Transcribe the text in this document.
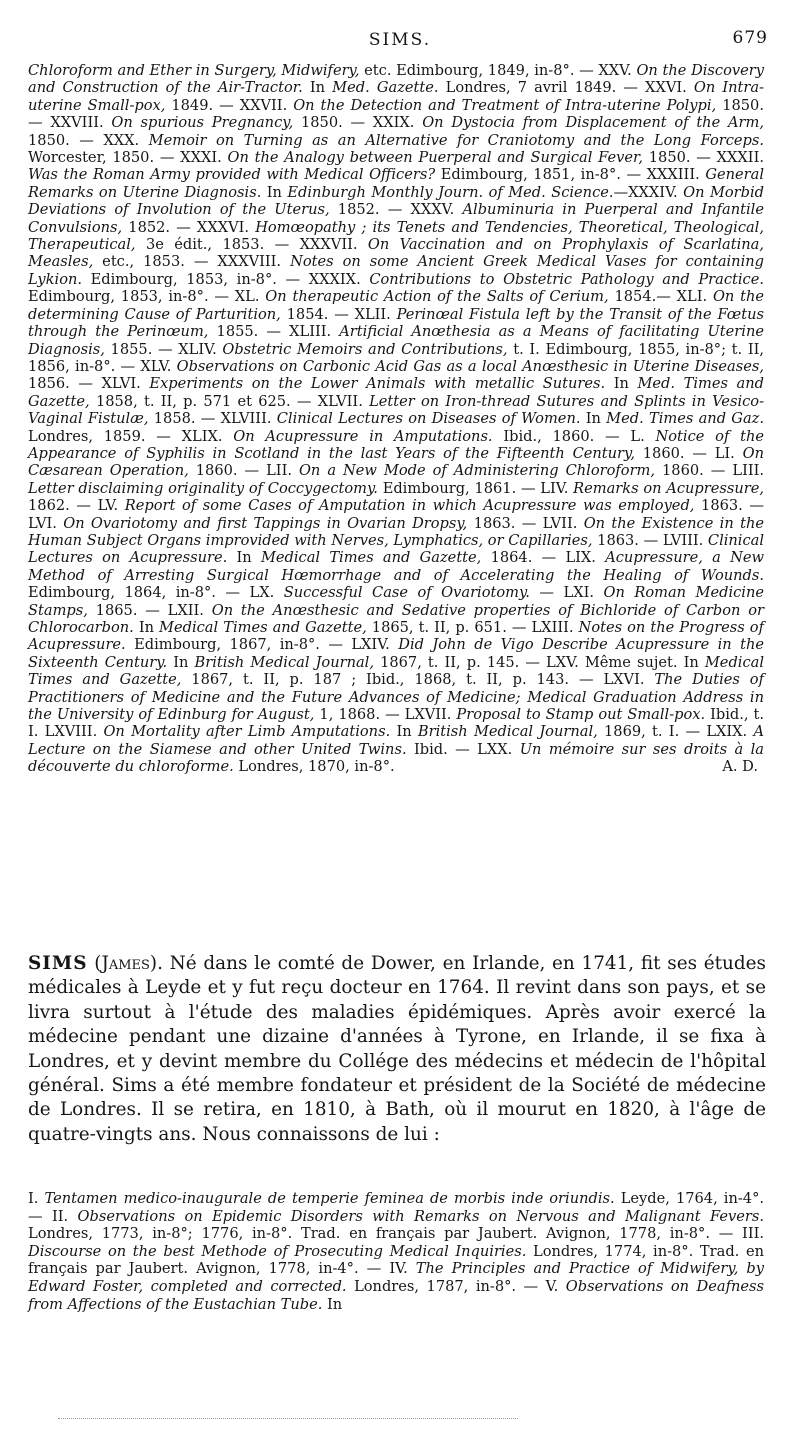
SIMS.	679

Chloroform and Ether in Surgery, Midwifery, etc. Edimbourg, 1849, in-8°. — XXV. On the Discovery and Construction of the Air-Tractor. In Med. Gazette. Londres, 7 avril 1849. — XXVI. On Intra-uterine Small-pox, 1849. — XXVII. On the Detection and Treatment of Intra-uterine Polypi, 1850. — XXVIII. On spurious Pregnancy, 1850. — XXIX. On Dystocia from Displacement of the Arm, 1850. — XXX. Memoir on Turning as an Alternative for Craniotomy and the Long Forceps. Worcester, 1850. — XXXI. On the Analogy between Puerperal and Surgical Fever, 1850. — XXXII. Was the Roman Army provided with Medical Officers? Edimbourg, 1851, in-8°. — XXXIII. General Remarks on Uterine Diagnosis. In Edinburgh Monthly Journ. of Med. Science.—XXXIV. On Morbid Deviations of Involution of the Uterus, 1852. — XXXV. Albuminuria in Puerperal and Infantile Convulsions, 1852. — XXXVI. Homœopathy ; its Tenets and Tendencies, Theoretical, Theological, Therapeutical, 3e édit., 1853. — XXXVII. On Vaccination and on Prophylaxis of Scarlatina, Measles, etc., 1853. — XXXVIII. Notes on some Ancient Greek Medical Vases for containing Lykion. Edimbourg, 1853, in-8°. — XXXIX. Contributions to Obstetric Pathology and Practice. Edimbourg, 1853, in-8°. — XL. On therapeutic Action of the Salts of Cerium, 1854.— XLI. On the determining Cause of Parturition, 1854. — XLII. Perinœal Fistula left by the Transit of the Fœtus through the Perinœum, 1855. — XLIII. Artificial Anœthesia as a Means of facilitating Uterine Diagnosis, 1855. — XLIV. Obstetric Memoirs and Contributions, t. I. Edimbourg, 1855, in-8°; t. II, 1856, in-8°. — XLV. Observations on Carbonic Acid Gas as a local Anœsthesic in Uterine Diseases, 1856. — XLVI. Experiments on the Lower Animals with metallic Sutures. In Med. Times and Gazette, 1858, t. II, p. 571 et 625. — XLVII. Letter on Iron-thread Sutures and Splints in Vesico-Vaginal Fistulæ, 1858. — XLVIII. Clinical Lectures on Diseases of Women. In Med. Times and Gaz. Londres, 1859. — XLIX. On Acupressure in Amputations. Ibid., 1860. — L. Notice of the Appearance of Syphilis in Scotland in the last Years of the Fifteenth Century, 1860. — LI. On Cæsarean Operation, 1860. — LII. On a New Mode of Administering Chloroform, 1860. — LIII. Letter disclaiming originality of Coccygectomy. Edimbourg, 1861. — LIV. Remarks on Acupressure, 1862. — LV. Report of some Cases of Amputation in which Acupressure was employed, 1863. — LVI. On Ovariotomy and first Tappings in Ovarian Dropsy, 1863. — LVII. On the Existence in the Human Subject Organs improvided with Nerves, Lymphatics, or Capillaries, 1863. — LVIII. Clinical Lectures on Acupressure. In Medical Times and Gazette, 1864. — LIX. Acupressure, a New Method of Arresting Surgical Hœmorrhage and of Accelerating the Healing of Wounds. Edimbourg, 1864, in-8°. — LX. Successful Case of Ovariotomy. — LXI. On Roman Medicine Stamps, 1865. — LXII. On the Anœsthesic and Sedative properties of Bichloride of Carbon or Chlorocarbon. In Medical Times and Gazette, 1865, t. II, p. 651. — LXIII. Notes on the Progress of Acupressure. Edimbourg, 1867, in-8°. — LXIV. Did John de Vigo Describe Acupressure in the Sixteenth Century. In British Medical Journal, 1867, t. II, p. 145. — LXV. Même sujet. In Medical Times and Gazette, 1867, t. II, p. 187 ; Ibid., 1868, t. II, p. 143. — LXVI. The Duties of Practitioners of Medicine and the Future Advances of Medicine; Medical Graduation Address in the University of Edinburg for August, 1, 1868. — LXVII. Proposal to Stamp out Small-pox. Ibid., t. I. LXVIII. On Mortality after Limb Amputations. In British Medical Journal, 1869, t. I. — LXIX. A Lecture on the Siamese and other United Twins. Ibid. — LXX. Un mémoire sur ses droits à la découverte du chloroforme. Londres, 1870, in-8°.	A. D.

SIMS (James). Né dans le comté de Dower, en Irlande, en 1741, fit ses études médicales à Leyde et y fut reçu docteur en 1764. Il revint dans son pays, et se livra surtout à l'étude des maladies épidémiques. Après avoir exercé la médecine pendant une dizaine d'années à Tyrone, en Irlande, il se fixa à Londres, et y devint membre du Collége des médecins et médecin de l'hôpital général. Sims a été membre fondateur et président de la Société de médecine de Londres. Il se retira, en 1810, à Bath, où il mourut en 1820, à l'âge de quatre-vingts ans. Nous connaissons de lui :

I. Tentamen medico-inaugurale de temperie feminea de morbis inde oriundis. Leyde, 1764, in-4°. — II. Observations on Epidemic Disorders with Remarks on Nervous and Malignant Fevers. Londres, 1773, in-8°; 1776, in-8°. Trad. en français par Jaubert. Avignon, 1778, in-8°. — III. Discourse on the best Methode of Prosecuting Medical Inquiries. Londres, 1774, in-8°. Trad. en français par Jaubert. Avignon, 1778, in-4°. — IV. The Principles and Practice of Midwifery, by Edward Foster, completed and corrected. Londres, 1787, in-8°. — V. Observations on Deafness from Affections of the Eustachian Tube. In
